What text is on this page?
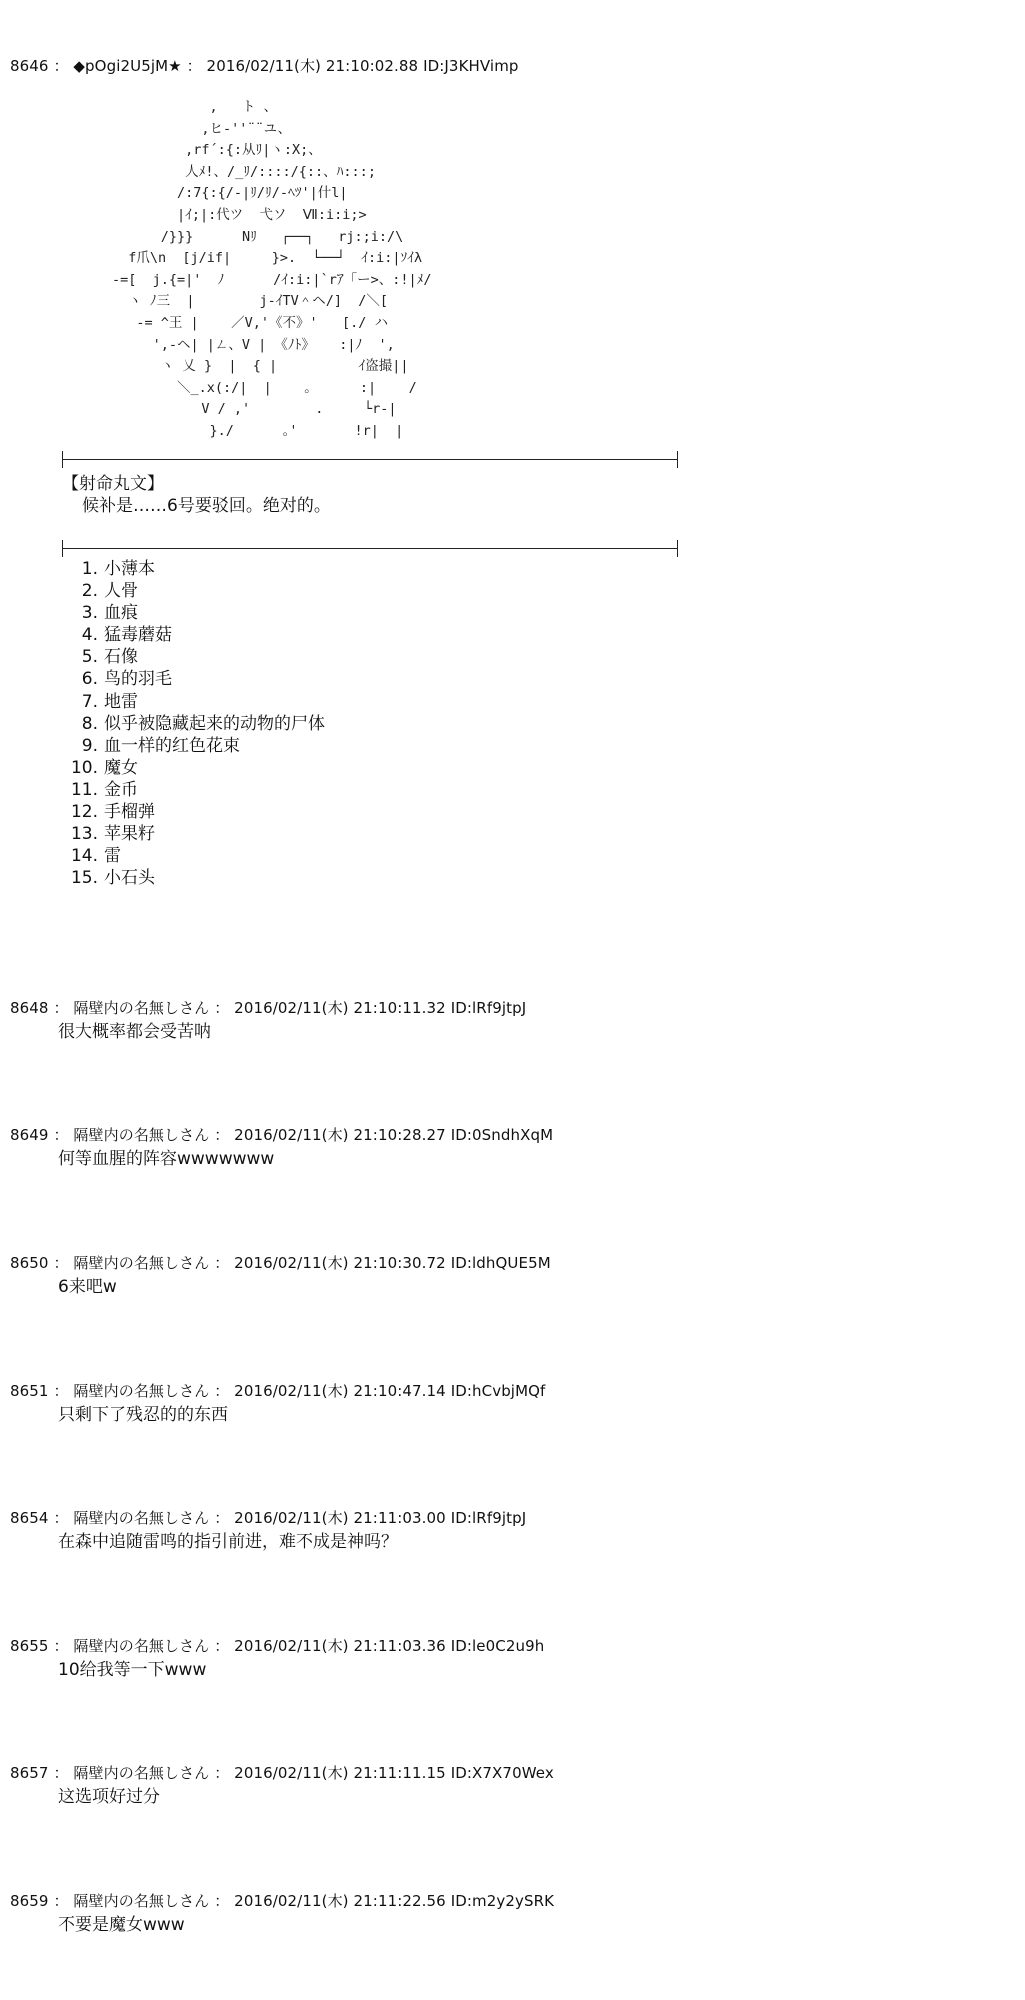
8646 ： ◆pOgi2U5jM★ ： 2016/02/11(木) 21:10:02.88 ID:J3KHVimp
,   ト 、
,ヒ‐''¨¨ユ、
,rf´:{:从ﾘ|ヽ:X;、
人ﾒ!、/_ﾘ/::::/{::、ﾊ:::;
/:7{:{/-|ﾘ/ﾘ/‐ﾍﾂ'|什l|
|ｲ;|:代ツ  弋ソ  Ⅶ:i:i;>
/}}}      Nﾘ   ┌──┐   rj:;i:/\
f爪\n  [j/if|     }>.  └──┘  ｲ:i:|ｿｲλ
-=[  j.{=|'  ﾉ      /ｲ:i:|`rｱ「ー>、:!|ﾒ/
ヽ ﾉ三  |        j-ｲTV＾ヘ/]  /＼[
-= ^王 |    ／V,'《不》'   [./ ハ
',-ヘ| |ㄥ、V | 《ﾉﾄ》   :|ﾉ  ',
ヽ 乂 }  |  { |          ｲ盗撮||
＼_.x(:/|  |    ｡      :|    /
V / ,'        .     └r-|
}./      ｡'       !r|  |
【射命丸文】
候补是……6号要驳回。绝对的。
1. 小薄本
2. 人骨
3. 血痕
4. 猛毒蘑菇
5. 石像
6. 鸟的羽毛
7. 地雷
8. 似乎被隐藏起来的动物的尸体
9. 血一样的红色花束
10. 魔女
11. 金币
12. 手榴弹
13. 苹果籽
14. 雷
15. 小石头
8648 ： 隔壁内の名無しさん ： 2016/02/11(木) 21:10:11.32 ID:lRf9jtpJ
很大概率都会受苦呐
8649 ： 隔壁内の名無しさん ： 2016/02/11(木) 21:10:28.27 ID:0SndhXqM
何等血腥的阵容wwwwwww
8650 ： 隔壁内の名無しさん ： 2016/02/11(木) 21:10:30.72 ID:ldhQUE5M
6来吧w
8651 ： 隔壁内の名無しさん ： 2016/02/11(木) 21:10:47.14 ID:hCvbjMQf
只剩下了残忍的的东西
8654 ： 隔壁内の名無しさん ： 2016/02/11(木) 21:11:03.00 ID:lRf9jtpJ
在森中追随雷鸣的指引前进，难不成是神吗？
8655 ： 隔壁内の名無しさん ： 2016/02/11(木) 21:11:03.36 ID:le0C2u9h
10给我等一下www
8657 ： 隔壁内の名無しさん ： 2016/02/11(木) 21:11:11.15 ID:X7X70Wex
这选项好过分
8659 ： 隔壁内の名無しさん ： 2016/02/11(木) 21:11:22.56 ID:m2y2ySRK
不要是魔女www
